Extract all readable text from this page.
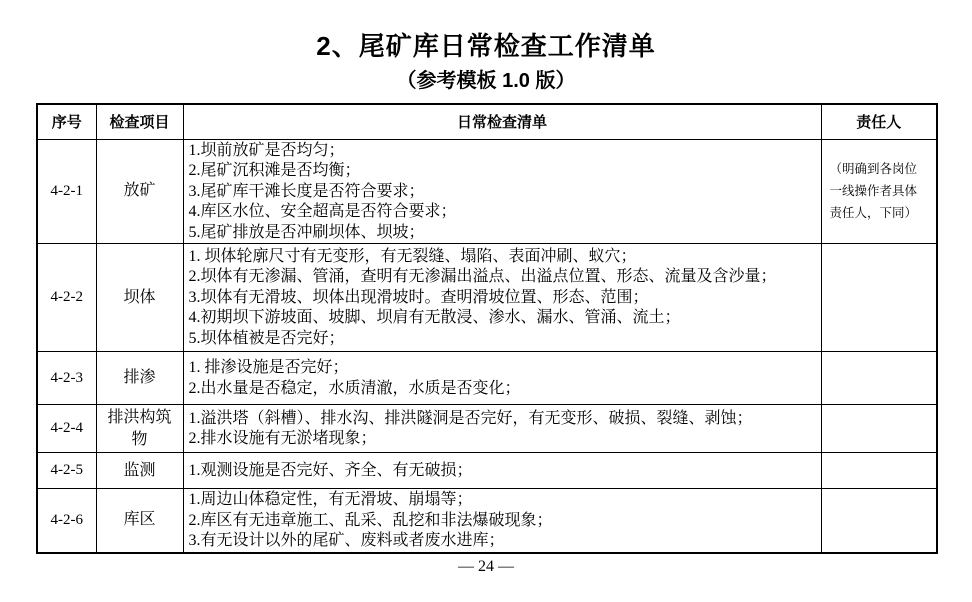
2、尾矿库日常检查工作清单
（参考模板 1.0 版）
序号	检查项目	日常检查清单	责任人
4-2-1	放矿	1.坝前放矿是否均匀；
2.尾矿沉积滩是否均衡；
3.尾矿库干滩长度是否符合要求；
4.库区水位、安全超高是否符合要求；
5.尾矿排放是否冲刷坝体、坝坡；	（明确到各岗位一线操作者具体责任人，下同）

4-2-2	坝体	1. 坝体轮廓尺寸有无变形，有无裂缝、塌陷、表面冲刷、蚁穴；
2.坝体有无渗漏、管涌，查明有无渗漏出溢点、出溢点位置、形态、流量及含沙量；
3.坝体有无滑坡、坝体出现滑坡时。查明滑坡位置、形态、范围；
4.初期坝下游坡面、坡脚、坝肩有无散浸、渗水、漏水、管涌、流土；
5.坝体植被是否完好；	

4-2-3	排渗	1. 排渗设施是否完好；
2.出水量是否稳定，水质清澈，水质是否变化；	

4-2-4	排洪构筑物	1.溢洪塔（斜槽）、排水沟、排洪隧洞是否完好，有无变形、破损、裂缝、剥蚀；
2.排水设施有无淤堵现象；	

4-2-5	监测	1.观测设施是否完好、齐全、有无破损；	

4-2-6	库区	1.周边山体稳定性，有无滑坡、崩塌等；
2.库区有无违章施工、乱采、乱挖和非法爆破现象；
3.有无设计以外的尾矿、废料或者废水进库；	

— 24 —
